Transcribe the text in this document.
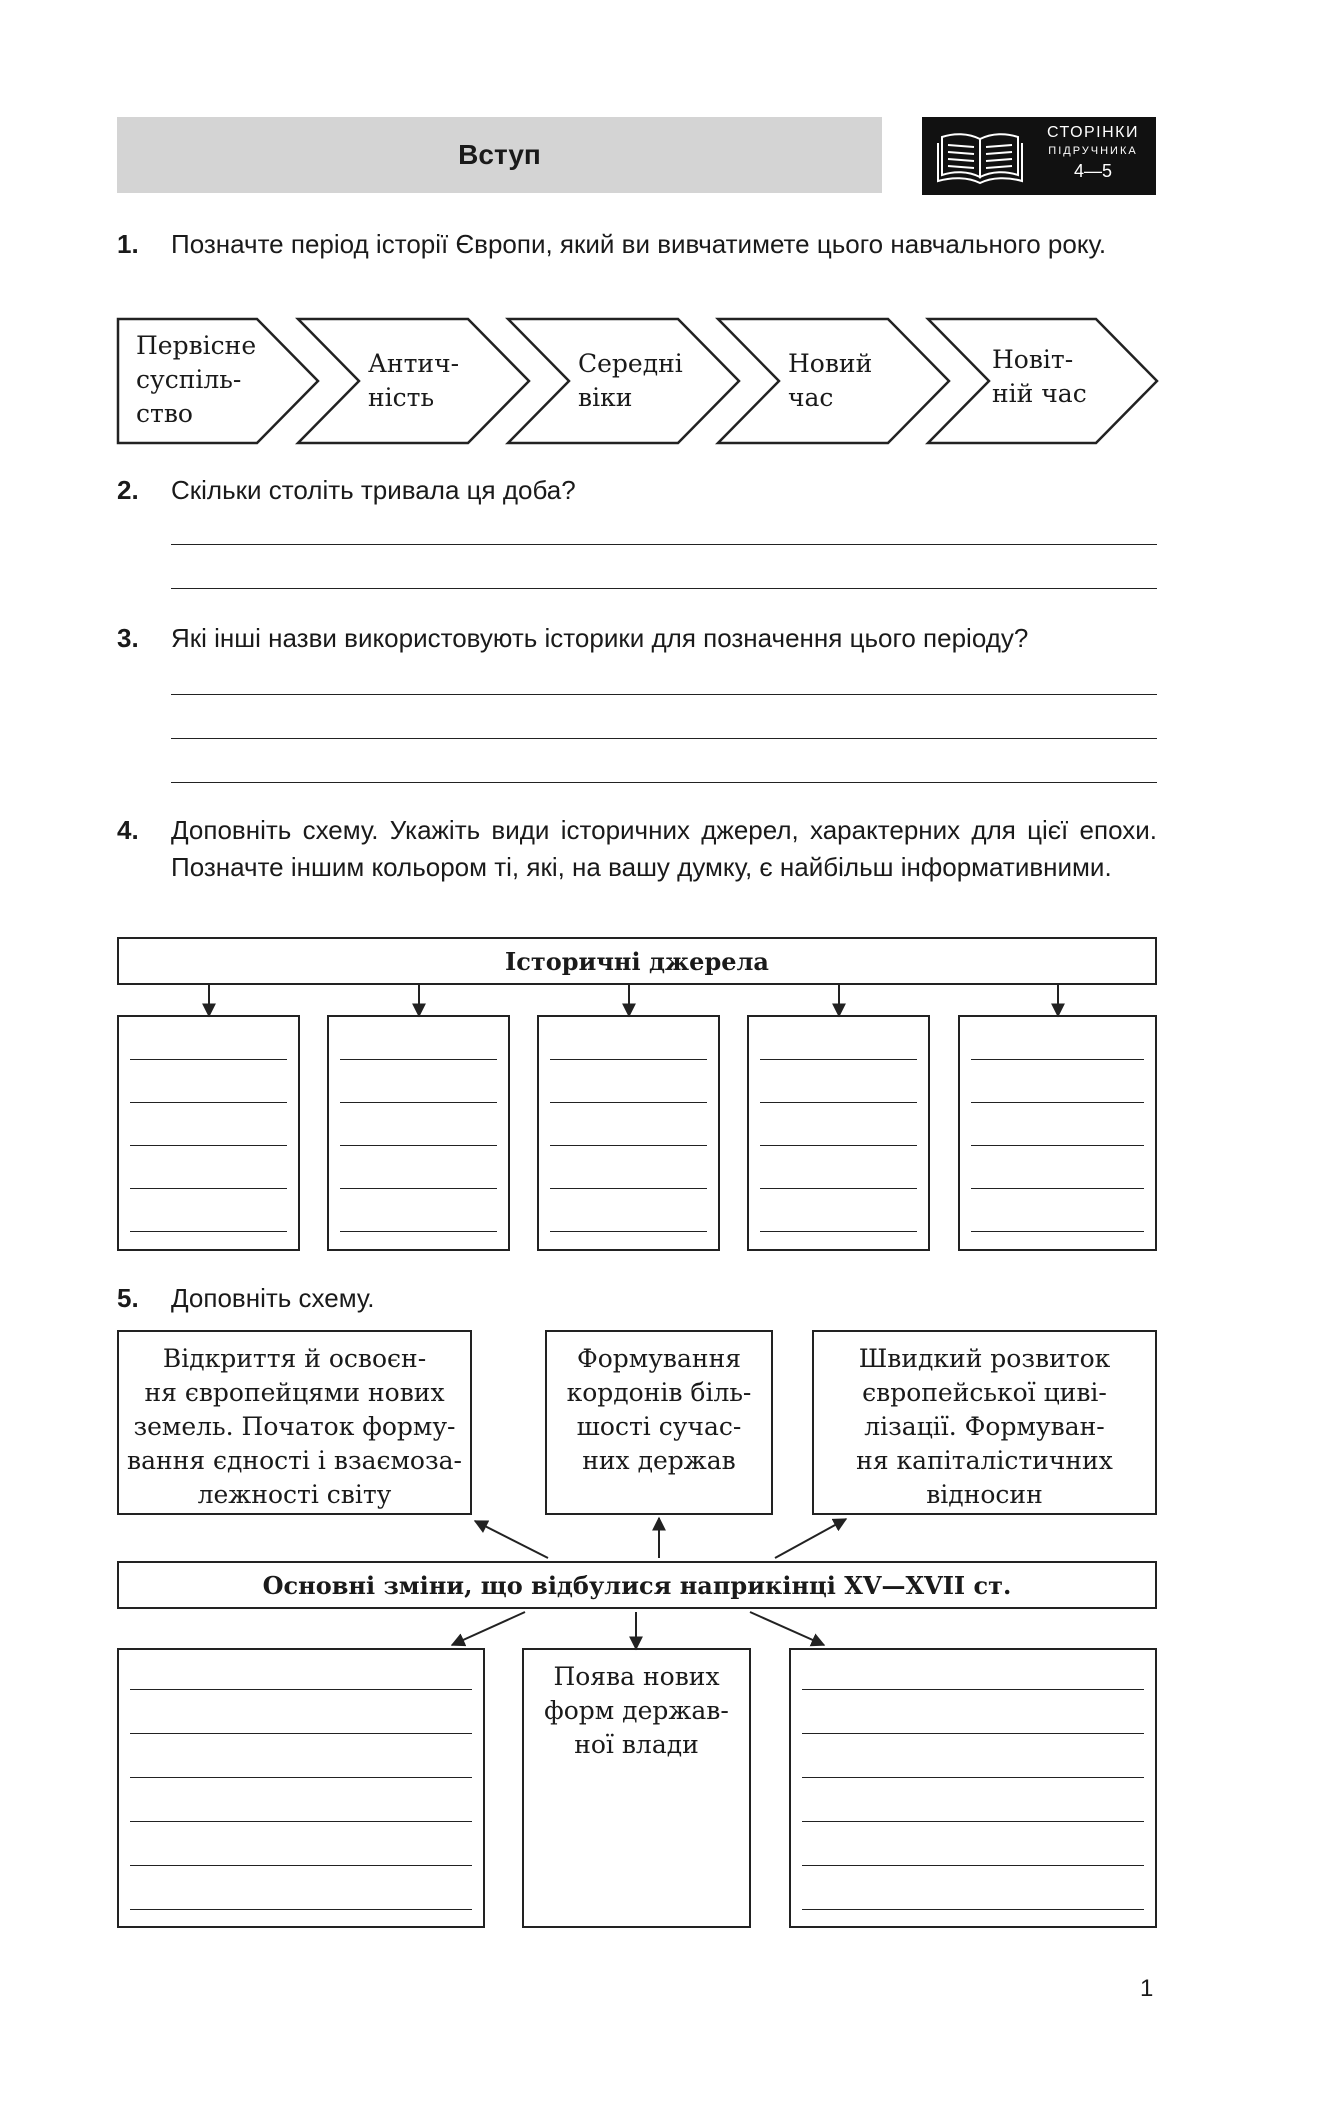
Вступ
СТОРІНКИ
ПІДРУЧНИКА
4—5
1. Позначте період історії Європи, який ви вивчатимете цього навчального року.
Первісне
суспіль-
ство
Антич-
ність
Середні
віки
Новий
час
Новіт-
ній час
2. Скільки століть тривала ця доба?
3. Які інші назви використовують історики для позначення цього періоду?
4. Доповніть схему. Укажіть види історичних джерел, характерних для цієї епохи. Позначте іншим кольором ті, які, на вашу думку, є найбільш інформативними.
Історичні джерела
5. Доповніть схему.
Відкриття й освоєн-
ня європейцями нових
земель. Початок форму-
вання єдності і взаємоза-
лежності світу
Формування
кордонів біль-
шості сучас-
них держав
Швидкий розвиток
європейської циві-
лізації. Формуван-
ня капіталістичних
відносин
Основні зміни, що відбулися наприкінці XV—XVII ст.
Поява нових
форм держав-
ної влади
1
